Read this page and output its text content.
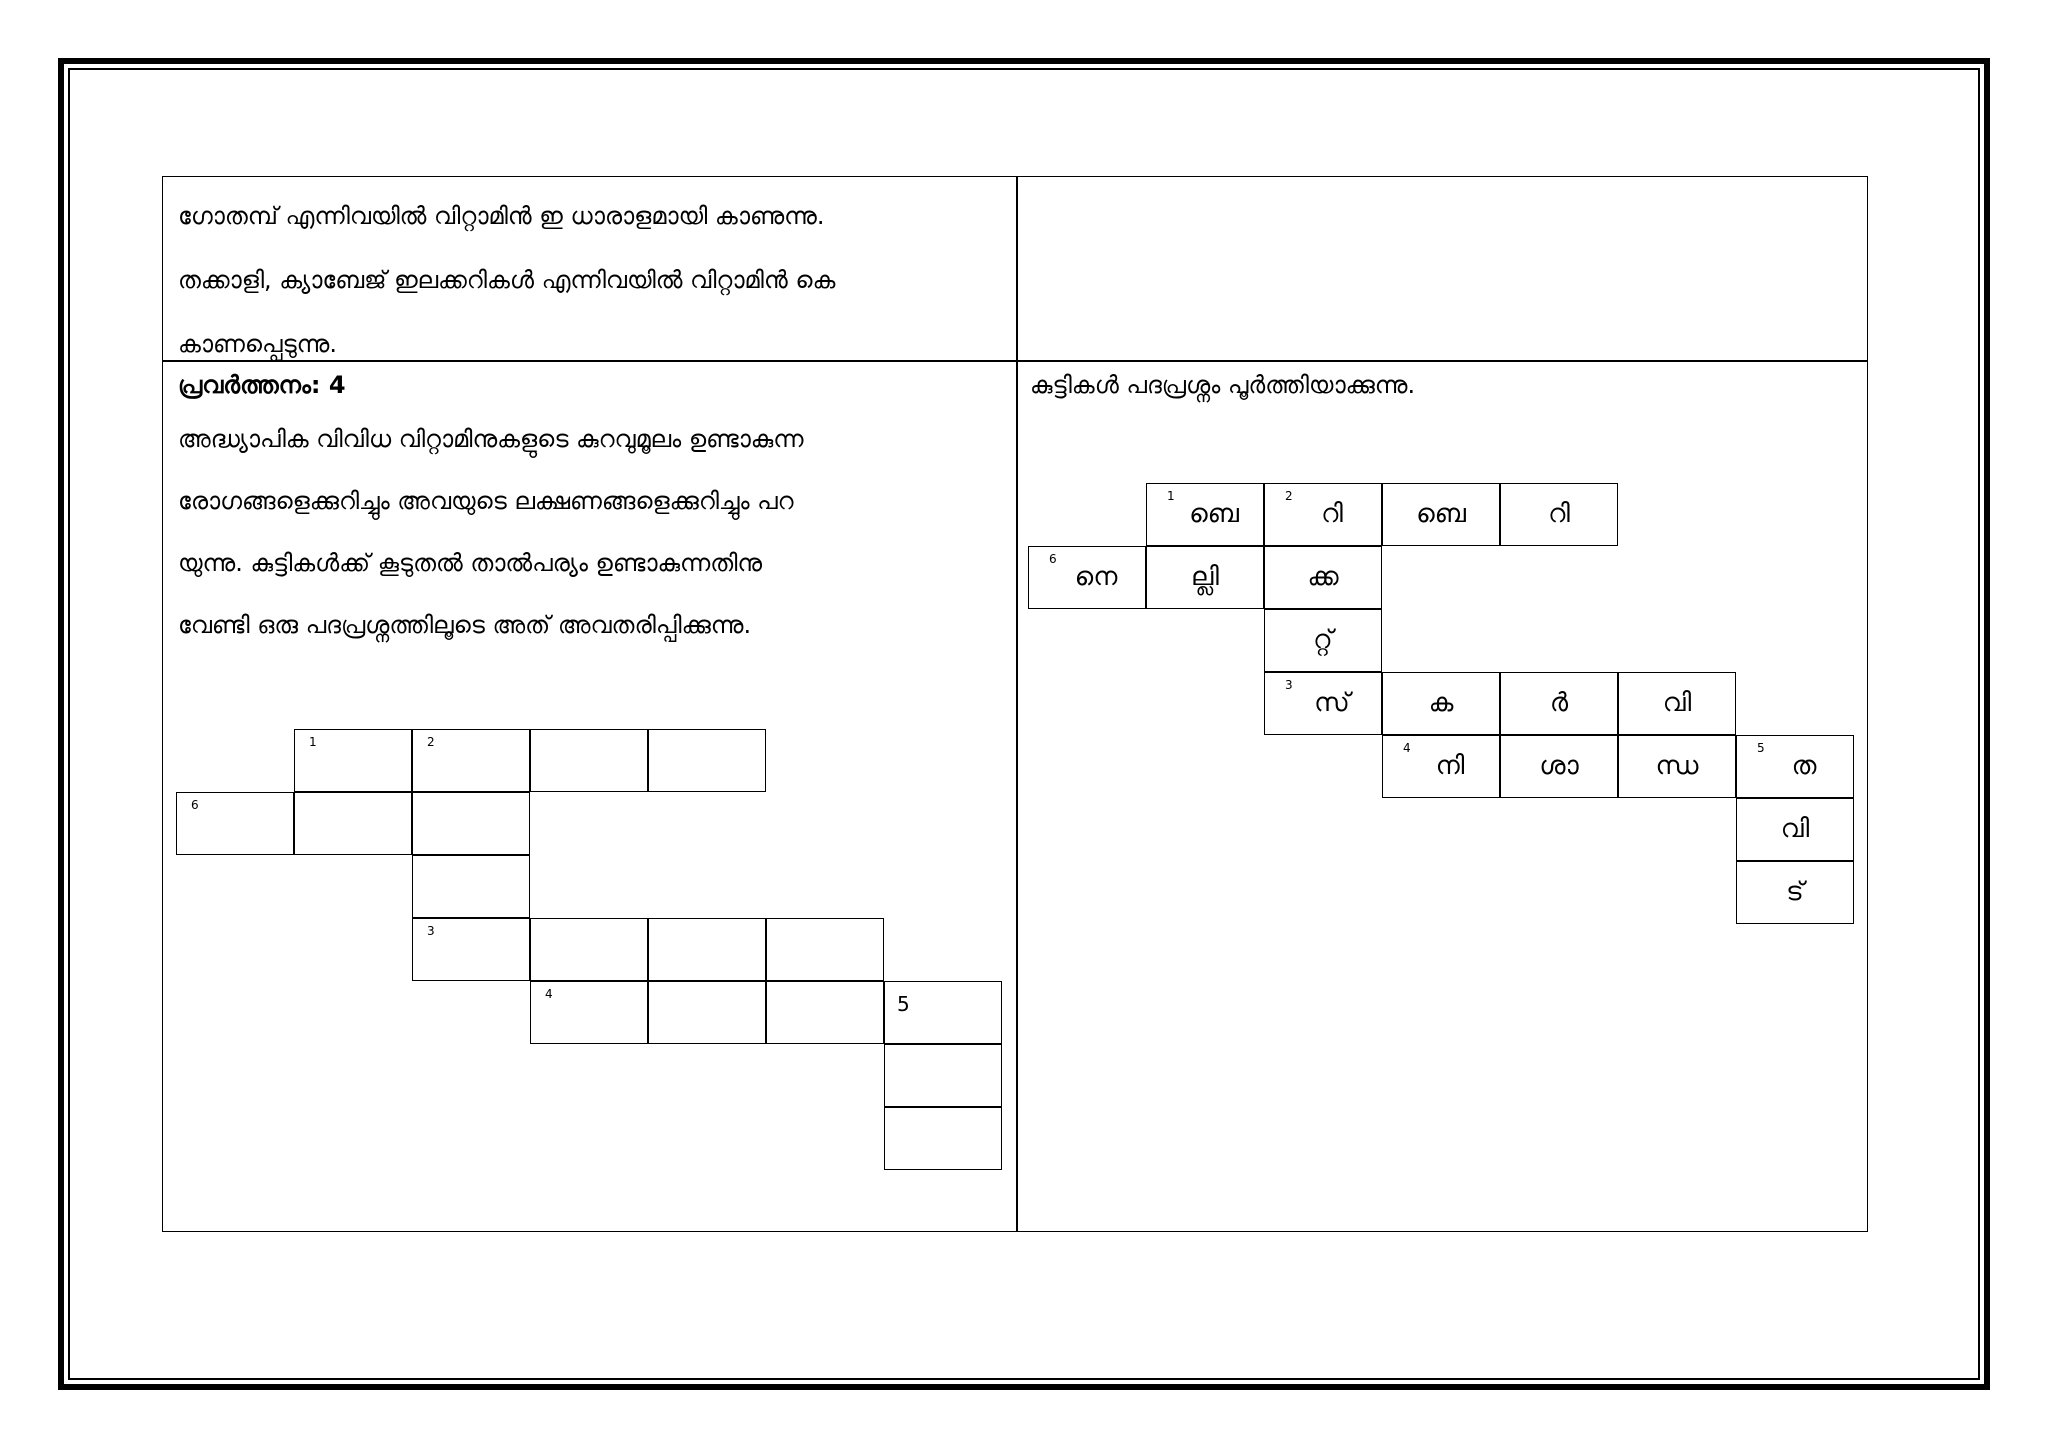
ഗോതമ്പ് എന്നിവയിൽ വിറ്റാമിൻ ഇ ധാരാളമായി കാണുന്നു.

തക്കാളി, ക്യാബേജ് ഇലക്കറികൾ എന്നിവയിൽ വിറ്റാമിൻ കെ

കാണപ്പെടുന്നു.

പ്രവർത്തനം: 4

അദ്ധ്യാപിക വിവിധ വിറ്റാമിനുകളുടെ കുറവുമൂലം ഉണ്ടാകുന്ന

രോഗങ്ങളെക്കുറിച്ചും അവയുടെ ലക്ഷണങ്ങളെക്കുറിച്ചും പറ

യുന്നു. കുട്ടികൾക്ക് കൂടുതൽ താൽപര്യം ഉണ്ടാകുന്നതിനു

വേണ്ടി ഒരു പദപ്രശ്നത്തിലൂടെ അത് അവതരിപ്പിക്കുന്നു.

കുട്ടികൾ പദപ്രശ്നം പൂർത്തിയാക്കുന്നു.

1	2
6
3
4	5
1
ബെ
2
റി	ബെ	റി
6
നെ	ല്ലി	ക്ക
റ്റ്
3
സ്	ക	ർ	വി
4
നി	ശാ	ന്ധ
5
ത
വി
ട്
